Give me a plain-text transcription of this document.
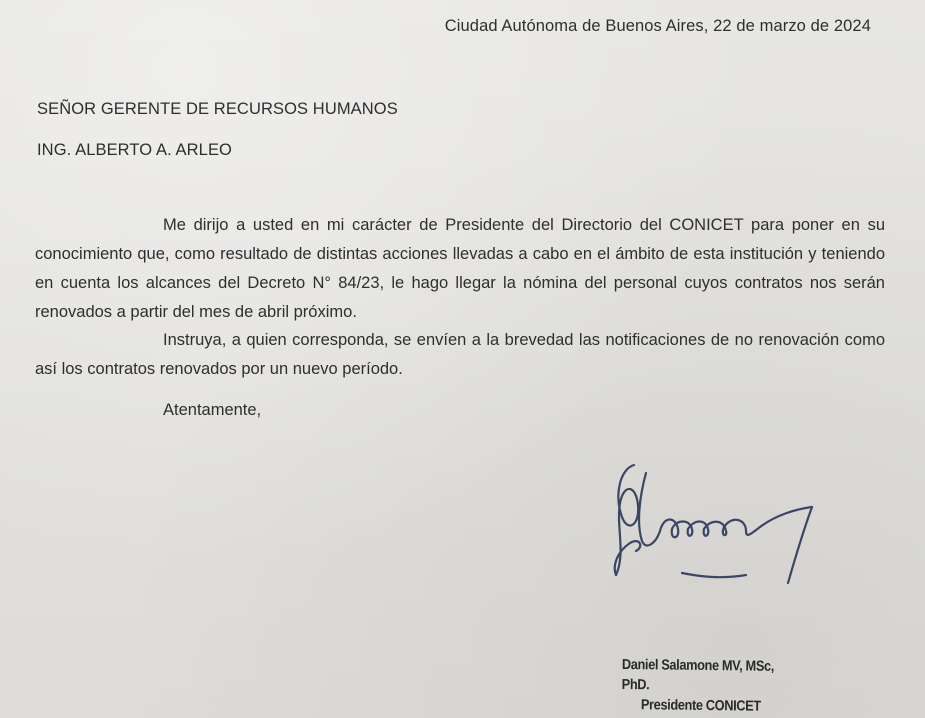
Ciudad Autónoma de Buenos Aires, 22 de marzo de 2024
SEÑOR GERENTE DE RECURSOS HUMANOS
ING. ALBERTO A. ARLEO

Me dirijo a usted en mi carácter de Presidente del Directorio del CONICET para poner en su conocimiento que, como resultado de distintas acciones llevadas a cabo en el ámbito de esta institución y teniendo en cuenta los alcances del Decreto N° 84/23, le hago llegar la nómina del personal cuyos contratos nos serán renovados a partir del mes de abril próximo.

Instruya, a quien corresponda, se envíen a la brevedad las notificaciones de no renovación como así los contratos renovados por un nuevo período.

Atentamente,
Daniel Salamone MV, MSc, PhD.
Presidente CONICET
